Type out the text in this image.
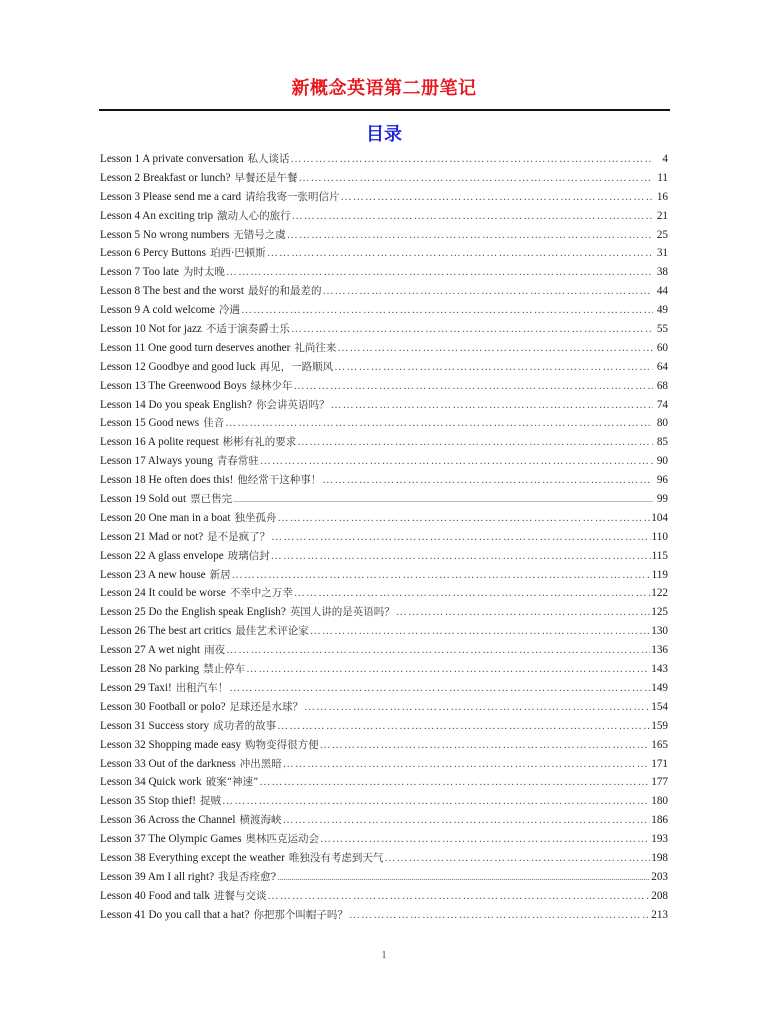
新概念英语第二册笔记
目录
Lesson 1 A private conversation 私人谈话 ……………………………………………………………………………………………………………………………………………………………………………………………………	4
Lesson 2 Breakfast or lunch? 早餐还是午餐 ……………………………………………………………………………………………………………………………………………………………………………………………………	11
Lesson 3 Please send me a card 请给我寄一张明信片 ……………………………………………………………………………………………………………………………………………………………………………………………………	16
Lesson 4 An exciting trip 激动人心的旅行 ……………………………………………………………………………………………………………………………………………………………………………………………………	21
Lesson 5 No wrong numbers 无错号之虞 ……………………………………………………………………………………………………………………………………………………………………………………………………	25
Lesson 6 Percy Buttons 珀西·巴顿斯 ……………………………………………………………………………………………………………………………………………………………………………………………………	31
Lesson 7 Too late 为时太晚 ……………………………………………………………………………………………………………………………………………………………………………………………………	38
Lesson 8 The best and the worst 最好的和最差的 ……………………………………………………………………………………………………………………………………………………………………………………………………	44
Lesson 9 A cold welcome 冷遇 ……………………………………………………………………………………………………………………………………………………………………………………………………	49
Lesson 10 Not for jazz 不适于演奏爵士乐 ……………………………………………………………………………………………………………………………………………………………………………………………………	55
Lesson 11 One good turn deserves another 礼尚往来 ……………………………………………………………………………………………………………………………………………………………………………………………………	60
Lesson 12 Goodbye and good luck 再见，一路顺风 ……………………………………………………………………………………………………………………………………………………………………………………………………	64
Lesson 13 The Greenwood Boys 绿林少年 ……………………………………………………………………………………………………………………………………………………………………………………………………	68
Lesson 14 Do you speak English? 你会讲英语吗？ ……………………………………………………………………………………………………………………………………………………………………………………………………	74
Lesson 15 Good news 佳音 ……………………………………………………………………………………………………………………………………………………………………………………………………	80
Lesson 16 A polite request 彬彬有礼的要求 ……………………………………………………………………………………………………………………………………………………………………………………………………	85
Lesson 17 Always young 青春常驻 ……………………………………………………………………………………………………………………………………………………………………………………………………	90
Lesson 18 He often does this! 他经常干这种事！ ……………………………………………………………………………………………………………………………………………………………………………………………………	96
Lesson 19 Sold out 票已售完 .....	99
Lesson 20 One man in a boat 独坐孤舟 ……………………………………………………………………………………………………………………………………………………………………………………………………	104
Lesson 21 Mad or not? 是不是疯了？ ……………………………………………………………………………………………………………………………………………………………………………………………………	110
Lesson 22 A glass envelope 玻璃信封 ……………………………………………………………………………………………………………………………………………………………………………………………………	115
Lesson 23 A new house 新居 ……………………………………………………………………………………………………………………………………………………………………………………………………	119
Lesson 24 It could be worse 不幸中之万幸 ……………………………………………………………………………………………………………………………………………………………………………………………………	122
Lesson 25 Do the English speak English? 英国人讲的是英语吗？ ……………………………………………………………………………………………………………………………………………………………………………………………………	125
Lesson 26 The best art critics 最佳艺术评论家 ……………………………………………………………………………………………………………………………………………………………………………………………………	130
Lesson 27 A wet night 雨夜 ……………………………………………………………………………………………………………………………………………………………………………………………………	136
Lesson 28 No parking 禁止停车 ……………………………………………………………………………………………………………………………………………………………………………………………………	143
Lesson 29 Taxi! 出租汽车！ ……………………………………………………………………………………………………………………………………………………………………………………………………	149
Lesson 30 Football or polo? 足球还是水球？ ……………………………………………………………………………………………………………………………………………………………………………………………………	154
Lesson 31 Success story 成功者的故事 ……………………………………………………………………………………………………………………………………………………………………………………………………	159
Lesson 32 Shopping made easy 购物变得很方便 ……………………………………………………………………………………………………………………………………………………………………………………………………	165
Lesson 33 Out of the darkness 冲出黑暗 ……………………………………………………………………………………………………………………………………………………………………………………………………	171
Lesson 34 Quick work 破案“神速” ……………………………………………………………………………………………………………………………………………………………………………………………………	177
Lesson 35 Stop thief! 捉贼 ……………………………………………………………………………………………………………………………………………………………………………………………………	180
Lesson 36 Across the Channel 横渡海峡 ……………………………………………………………………………………………………………………………………………………………………………………………………	186
Lesson 37 The Olympic Games 奥林匹克运动会 ……………………………………………………………………………………………………………………………………………………………………………………………………	193
Lesson 38 Everything except the weather 唯独没有考虑到天气 ……………………………………………………………………………………………………………………………………………………………………………………………………	198
Lesson 39 Am I all right? 我是否痊愈? .....	203
Lesson 40 Food and talk 进餐与交谈 ……………………………………………………………………………………………………………………………………………………………………………………………………	208
Lesson 41 Do you call that a hat? 你把那个叫帽子吗？ ……………………………………………………………………………………………………………………………………………………………………………………………………	213
1
